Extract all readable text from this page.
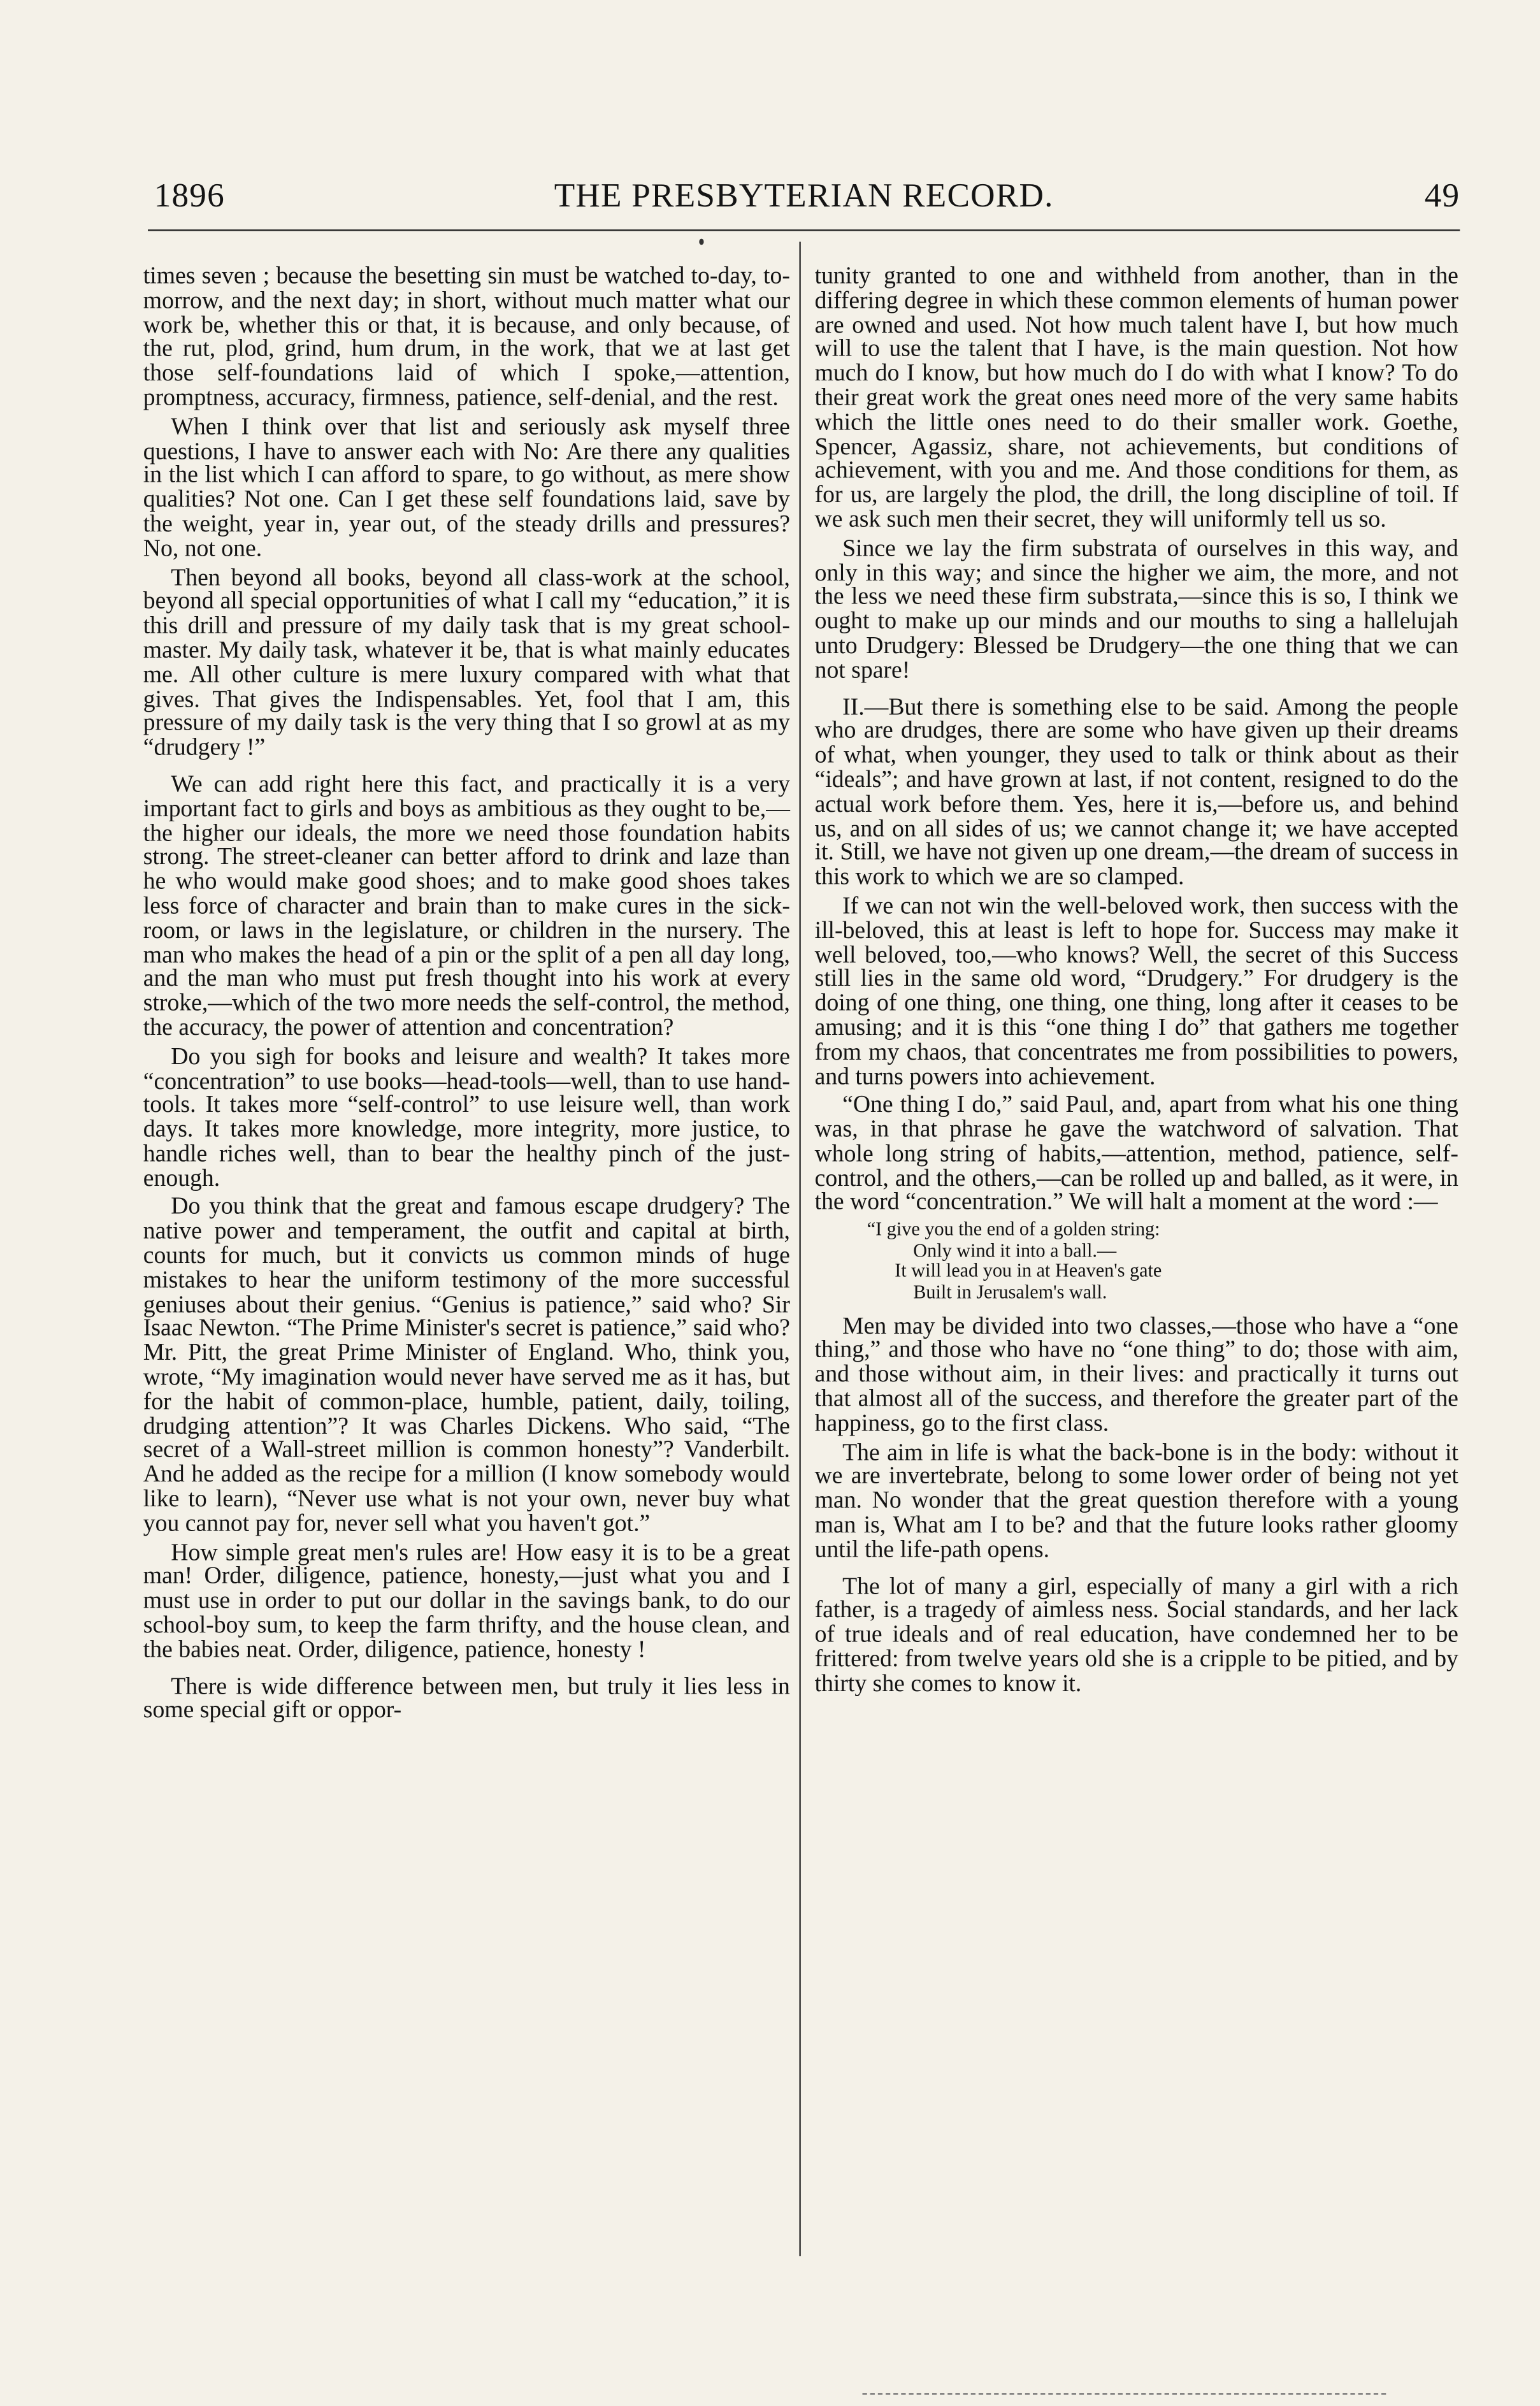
1896	THE PRESBYTERIAN RECORD.	49

times seven ; because the besetting sin must be watched to-day, to-morrow, and the next day; in short, without much matter what our work be, whether this or that, it is because, and only because, of the rut, plod, grind, hum drum, in the work, that we at last get those self-foundations laid of which I spoke,—attention, promptness, accuracy, firmness, patience, self-denial, and the rest.

When I think over that list and seriously ask myself three questions, I have to answer each with No: Are there any qualities in the list which I can afford to spare, to go without, as mere show qualities? Not one. Can I get these self foundations laid, save by the weight, year in, year out, of the steady drills and pressures? No, not one.

Then beyond all books, beyond all class-work at the school, beyond all special opportunities of what I call my “education,” it is this drill and pressure of my daily task that is my great school-master. My daily task, whatever it be, that is what mainly educates me. All other culture is mere luxury compared with what that gives. That gives the Indispensables. Yet, fool that I am, this pressure of my daily task is the very thing that I so growl at as my “drudgery !”

We can add right here this fact, and practically it is a very important fact to girls and boys as ambitious as they ought to be,—the higher our ideals, the more we need those foundation habits strong. The street-cleaner can better afford to drink and laze than he who would make good shoes; and to make good shoes takes less force of character and brain than to make cures in the sick-room, or laws in the legislature, or children in the nursery. The man who makes the head of a pin or the split of a pen all day long, and the man who must put fresh thought into his work at every stroke,—which of the two more needs the self-control, the method, the accuracy, the power of attention and concentration?

Do you sigh for books and leisure and wealth? It takes more “concentration” to use books—head-tools—well, than to use hand-tools. It takes more “self-control” to use leisure well, than work days. It takes more knowledge, more integrity, more justice, to handle riches well, than to bear the healthy pinch of the just-enough.

Do you think that the great and famous escape drudgery? The native power and temperament, the outfit and capital at birth, counts for much, but it convicts us common minds of huge mistakes to hear the uniform testimony of the more successful geniuses about their genius. “Genius is patience,” said who? Sir Isaac Newton. “The Prime Minister's secret is patience,” said who? Mr. Pitt, the great Prime Minister of England. Who, think you, wrote, “My imagination would never have served me as it has, but for the habit of common-place, humble, patient, daily, toiling, drudging attention”? It was Charles Dickens. Who said, “The secret of a Wall-street million is common honesty”? Vanderbilt. And he added as the recipe for a million (I know somebody would like to learn), “Never use what is not your own, never buy what you cannot pay for, never sell what you haven't got.”

How simple great men's rules are! How easy it is to be a great man! Order, diligence, patience, honesty,—just what you and I must use in order to put our dollar in the savings bank, to do our school-boy sum, to keep the farm thrifty, and the house clean, and the babies neat. Order, diligence, patience, honesty !

There is wide difference between men, but truly it lies less in some special gift or oppor-

tunity granted to one and withheld from another, than in the differing degree in which these common elements of human power are owned and used. Not how much talent have I, but how much will to use the talent that I have, is the main question. Not how much do I know, but how much do I do with what I know? To do their great work the great ones need more of the very same habits which the little ones need to do their smaller work. Goethe, Spencer, Agassiz, share, not achievements, but conditions of achievement, with you and me. And those conditions for them, as for us, are largely the plod, the drill, the long discipline of toil. If we ask such men their secret, they will uniformly tell us so.

Since we lay the firm substrata of ourselves in this way, and only in this way; and since the higher we aim, the more, and not the less we need these firm substrata,—since this is so, I think we ought to make up our minds and our mouths to sing a hallelujah unto Drudgery: Blessed be Drudgery—the one thing that we can not spare!

II.—But there is something else to be said. Among the people who are drudges, there are some who have given up their dreams of what, when younger, they used to talk or think about as their “ideals”; and have grown at last, if not content, resigned to do the actual work before them. Yes, here it is,—before us, and behind us, and on all sides of us; we cannot change it; we have accepted it. Still, we have not given up one dream,—the dream of success in this work to which we are so clamped.

If we can not win the well-beloved work, then success with the ill-beloved, this at least is left to hope for. Success may make it well beloved, too,—who knows? Well, the secret of this Success still lies in the same old word, “Drudgery.” For drudgery is the doing of one thing, one thing, one thing, long after it ceases to be amusing; and it is this “one thing I do” that gathers me together from my chaos, that concentrates me from possibilities to powers, and turns powers into achievement.

“One thing I do,” said Paul, and, apart from what his one thing was, in that phrase he gave the watchword of salvation. That whole long string of habits,—attention, method, patience, self-control, and the others,—can be rolled up and balled, as it were, in the word “concentration.” We will halt a moment at the word :—

“I give you the end of a golden string:
Only wind it into a ball.—
It will lead you in at Heaven's gate
Built in Jerusalem's wall.

Men may be divided into two classes,—those who have a “one thing,” and those who have no “one thing” to do; those with aim, and those without aim, in their lives: and practically it turns out that almost all of the success, and therefore the greater part of the happiness, go to the first class.

The aim in life is what the back-bone is in the body: without it we are invertebrate, belong to some lower order of being not yet man. No wonder that the great question therefore with a young man is, What am I to be? and that the future looks rather gloomy until the life-path opens.

The lot of many a girl, especially of many a girl with a rich father, is a tragedy of aimless ness. Social standards, and her lack of true ideals and of real education, have condemned her to be frittered: from twelve years old she is a cripple to be pitied, and by thirty she comes to know it.
